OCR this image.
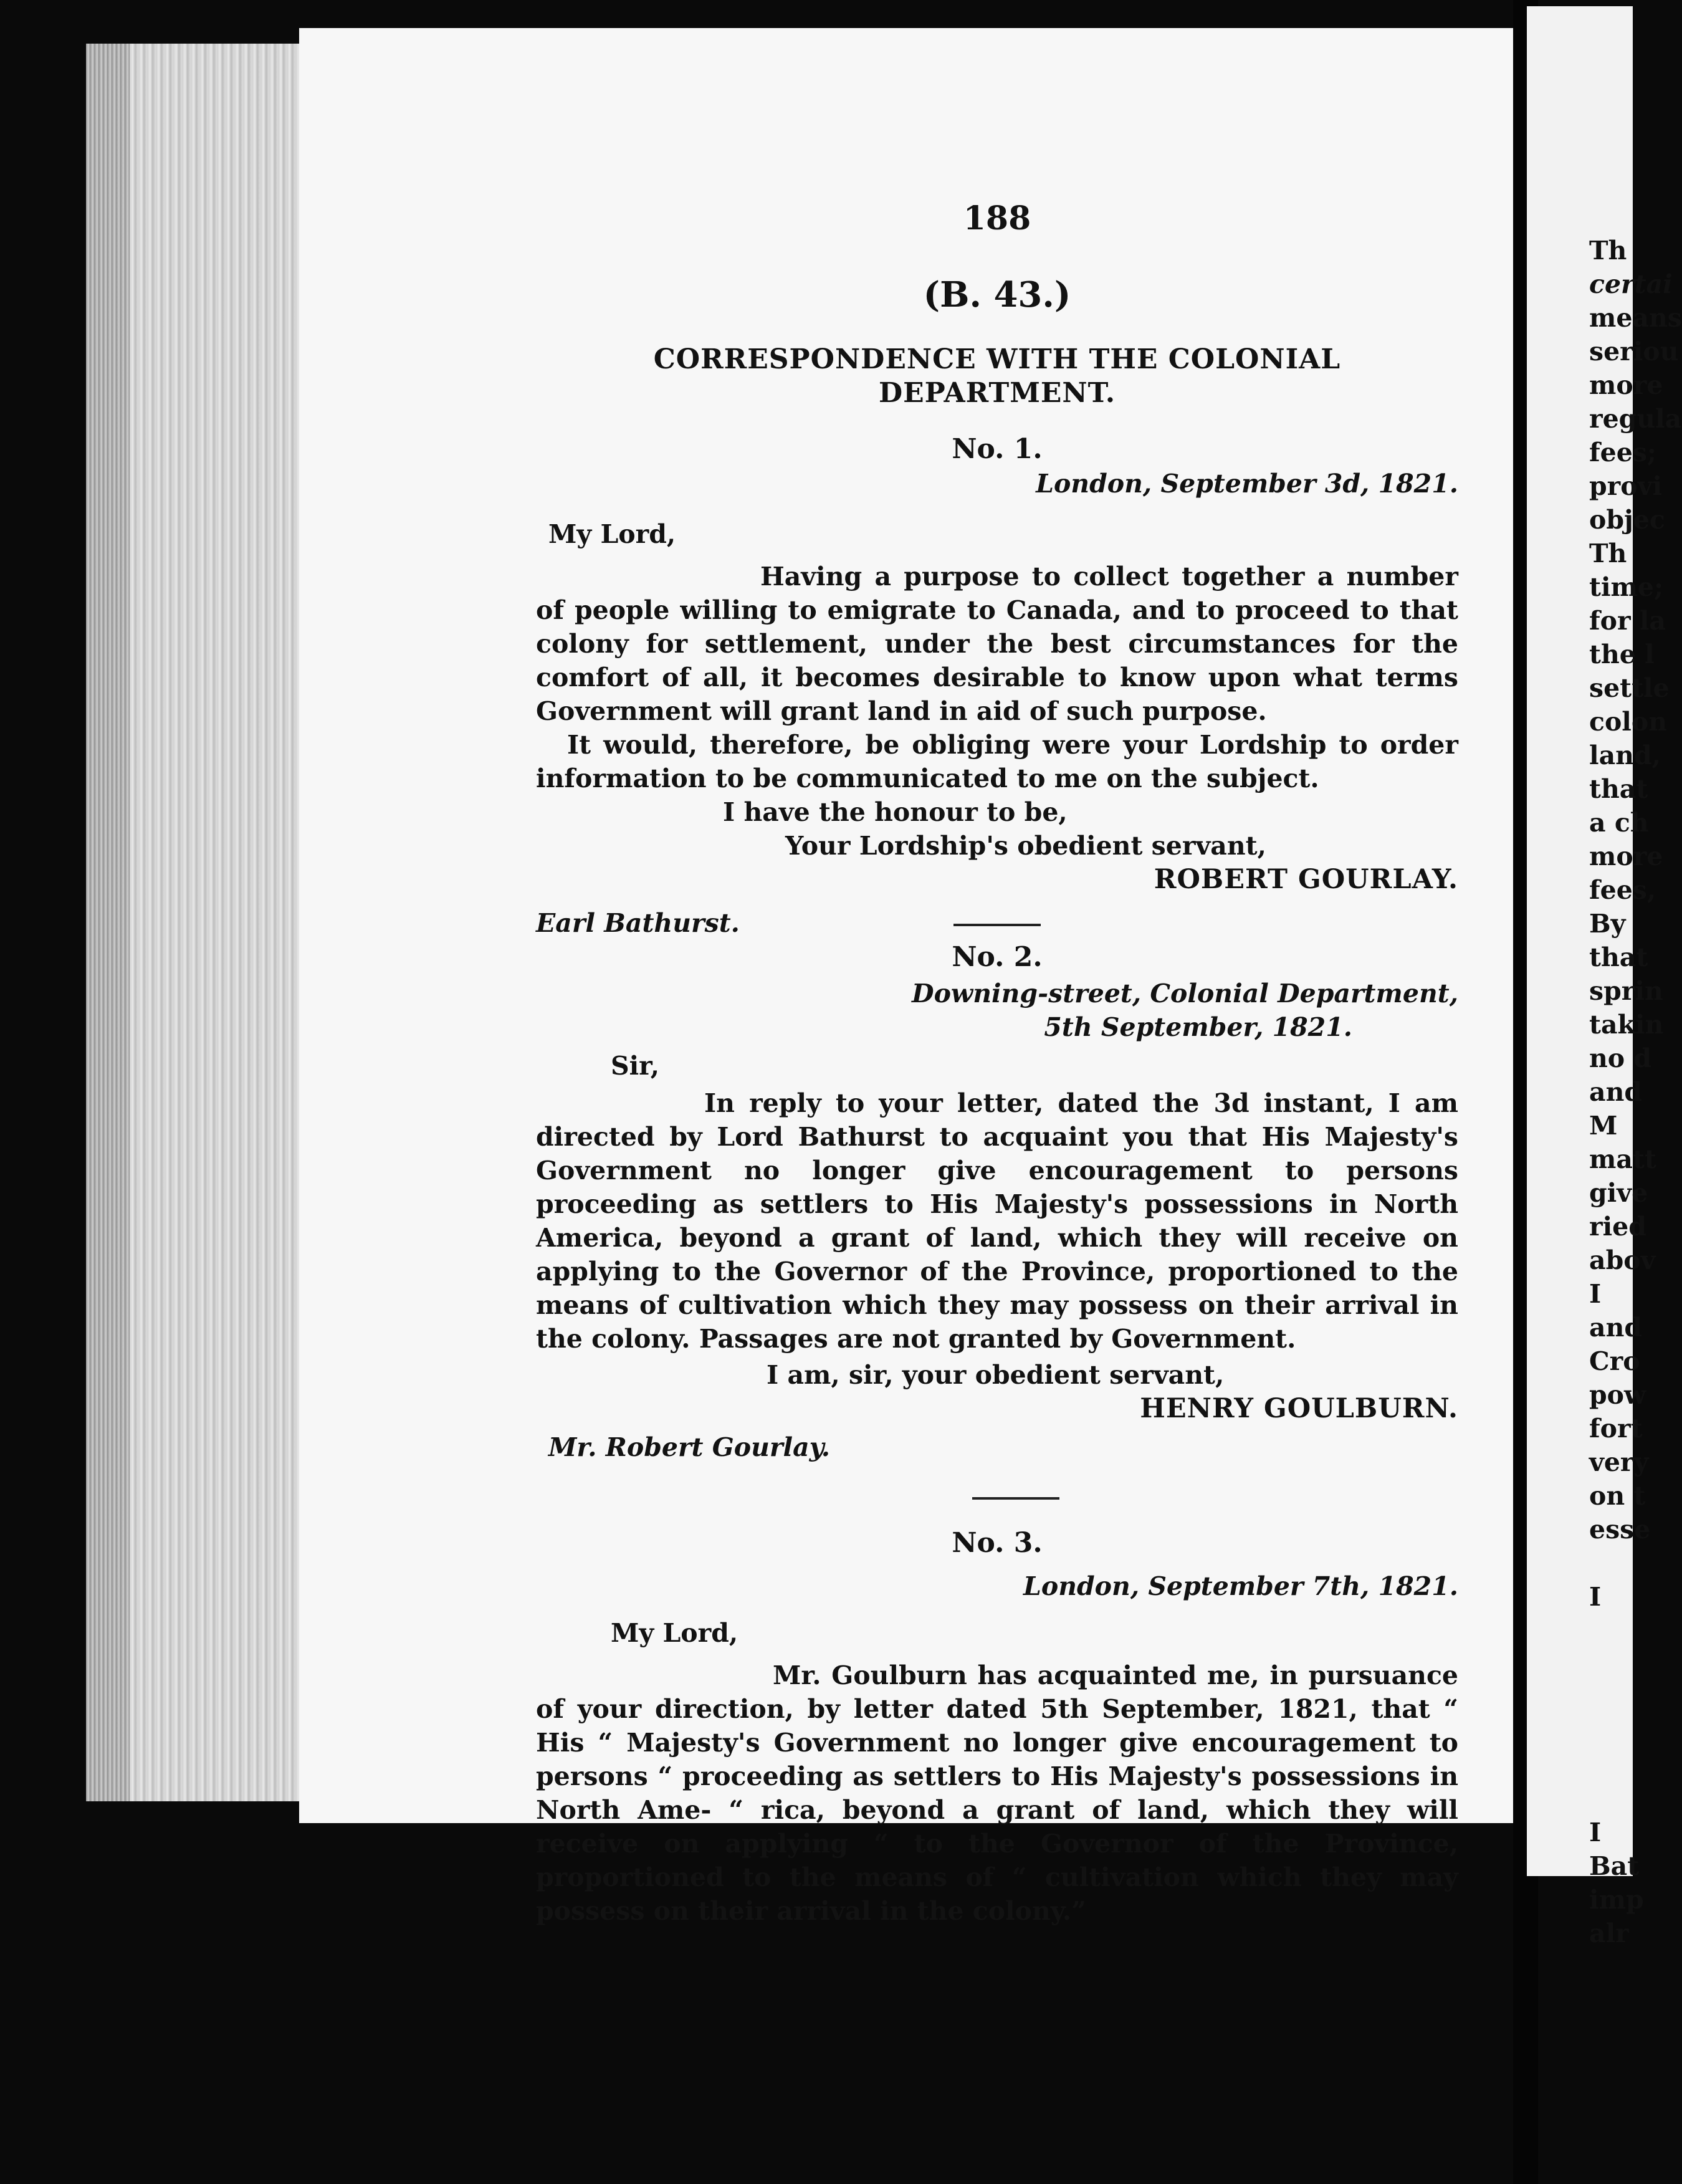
Th
certai
means
seriou
more
regula
fees;
provi
objec
Th
time;
for la
the l
settle
colon
land,
that
a ch
more
fees,
By
that
sprin
takin
no d
and
M
matt
give
ried
abov
I
and
Cro
pow
fort
very
on t
esse
I
I
Bat
imp
alr
188
(B. 43.)
CORRESPONDENCE WITH THE COLONIAL
DEPARTMENT.
No. 1.
London, September 3d, 1821.
My Lord,

Having a purpose to collect together a number of people willing to emigrate to Canada, and to proceed to that colony for settlement, under the best circumstances for the comfort of all, it becomes desirable to know upon what terms Government will grant land in aid of such purpose.

It would, therefore, be obliging were your Lordship to order information to be communicated to me on the subject.

I have the honour to be,
Your Lordship's obedient servant,
ROBERT GOURLAY.
Earl Bathurst.
No. 2.
Downing-street, Colonial Department,
5th September, 1821.
Sir,

In reply to your letter, dated the 3d instant, I am directed by Lord Bathurst to acquaint you that His Majesty's Government no longer give encouragement to persons proceeding as settlers to His Majesty's possessions in North America, beyond a grant of land, which they will receive on applying to the Governor of the Province, proportioned to the means of cultivation which they may possess on their arrival in the colony. Passages are not granted by Government.

I am, sir, your obedient servant,
HENRY GOULBURN.
Mr. Robert Gourlay.
No. 3.
London, September 7th, 1821.
My Lord,

Mr. Goulburn has acquainted me, in pursuance of your direction, by letter dated 5th September, 1821, that “ His “ Majesty's Government no longer give encouragement to persons “ proceeding as settlers to His Majesty's possessions in North Ame- “ rica, beyond a grant of land, which they will receive on applying “ to the Governor of the Province, proportioned to the means of “ cultivation which they may possess on their arrival in the colony.”
